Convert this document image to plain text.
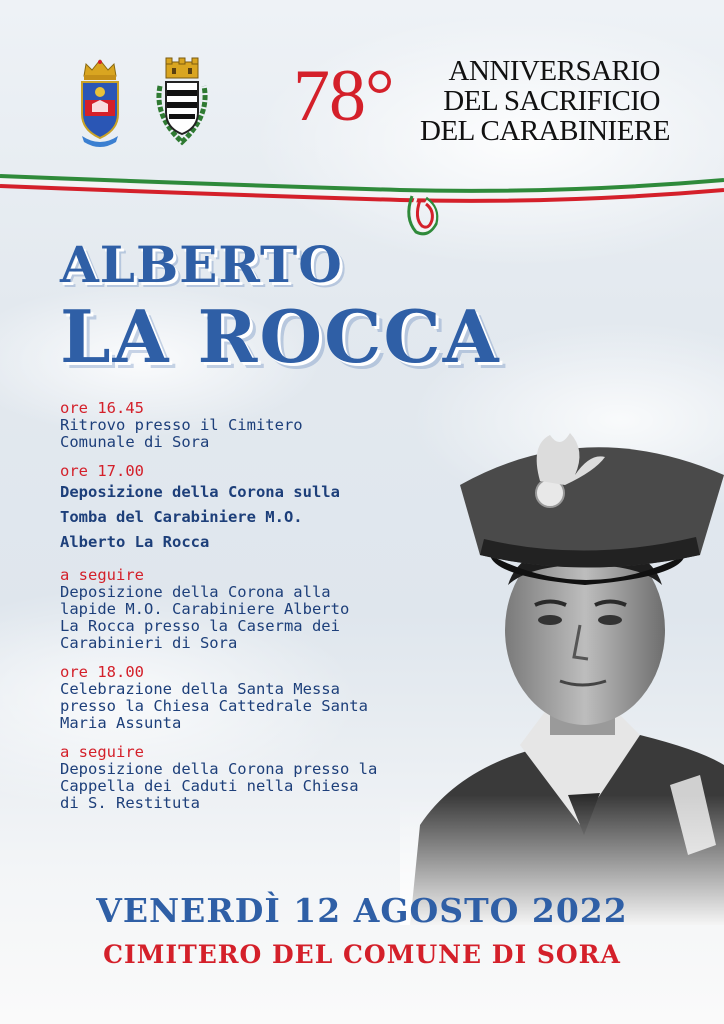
78°	ANNIVERSARIO
DEL SACRIFICIO
DEL CARABINIERE
ALBERTO
LA ROCCA
ore 16.45
Ritrovo presso il Cimitero
Comunale di Sora
ore 17.00
Deposizione della Corona sulla
Tomba del Carabiniere M.O.
Alberto La Rocca
a seguire
Deposizione della Corona alla
lapide M.O. Carabiniere Alberto
La Rocca presso la Caserma dei
Carabinieri di Sora
ore 18.00
Celebrazione della Santa Messa
presso la Chiesa Cattedrale Santa
Maria Assunta
a seguire
Deposizione della Corona presso la
Cappella dei Caduti nella Chiesa
di S. Restituta
VENERDÌ 12 AGOSTO 2022
CIMITERO DEL COMUNE DI SORA
